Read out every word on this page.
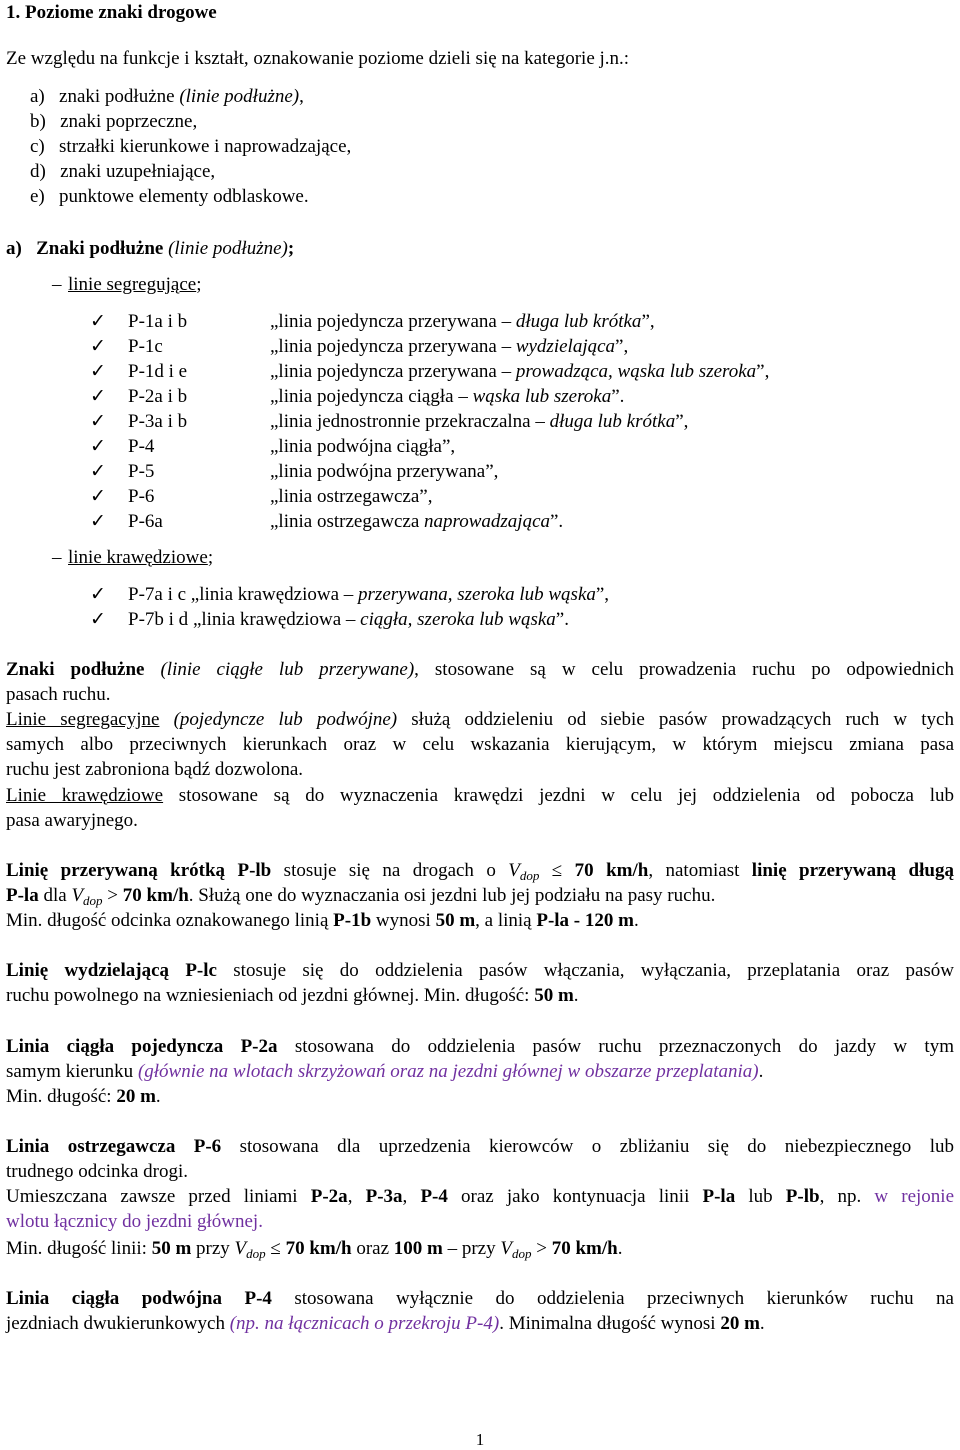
1. Poziome znaki drogowe
Ze względu na funkcje i kształt, oznakowanie poziome dzieli się na kategorie j.n.:
a) znaki podłużne (linie podłużne),
b) znaki poprzeczne,
c) strzałki kierunkowe i naprowadzające,
d) znaki uzupełniające,
e) punktowe elementy odblaskowe.
a) Znaki podłużne (linie podłużne);
– linie segregujące;
✓ P-1a i b	„linia pojedyncza przerywana – długa lub krótka”,
✓ P-1c	„linia pojedyncza przerywana – wydzielająca”,
✓ P-1d i e	„linia pojedyncza przerywana – prowadząca, wąska lub szeroka”,
✓ P-2a i b	„linia pojedyncza ciągła – wąska lub szeroka”.
✓ P-3a i b	„linia jednostronnie przekraczalna – długa lub krótka”,
✓ P-4	„linia podwójna ciągła”,
✓ P-5	„linia podwójna przerywana”,
✓ P-6	„linia ostrzegawcza”,
✓ P-6a	„linia ostrzegawcza naprowadzająca”.
– linie krawędziowe;
✓ P-7a i c „linia krawędziowa – przerywana, szeroka lub wąska”,
✓ P-7b i d „linia krawędziowa – ciągła, szeroka lub wąska”.
Znaki podłużne (linie ciągłe lub przerywane), stosowane są w celu prowadzenia ruchu po odpowiednich
pasach ruchu.
Linie segregacyjne (pojedyncze lub podwójne) służą oddzieleniu od siebie pasów prowadzących ruch w tych
samych albo przeciwnych kierunkach oraz w celu wskazania kierującym, w którym miejscu zmiana pasa
ruchu jest zabroniona bądź dozwolona.
Linie krawędziowe stosowane są do wyznaczenia krawędzi jezdni w celu jej oddzielenia od pobocza lub
pasa awaryjnego.
Linię przerywaną krótką P-lb stosuje się na drogach o $V_{dop} \le 70$ km/h, natomiast linię przerywaną długą
P-la dla $V_{dop} > 70$ km/h. Służą one do wyznaczania osi jezdni lub jej podziału na pasy ruchu.
Min. długość odcinka oznakowanego linią P-1b wynosi 50 m, a linią P-la - 120 m.
Linię wydzielającą P-lc stosuje się do oddzielenia pasów włączania, wyłączania, przeplatania oraz pasów
ruchu powolnego na wzniesieniach od jezdni głównej. Min. długość: 50 m.
Linia ciągła pojedyncza P-2a stosowana do oddzielenia pasów ruchu przeznaczonych do jazdy w tym
samym kierunku (głównie na wlotach skrzyżowań oraz na jezdni głównej w obszarze przeplatania).
Min. długość: 20 m.
Linia ostrzegawcza P-6 stosowana dla uprzedzenia kierowców o zbliżaniu się do niebezpiecznego lub
trudnego odcinka drogi.
Umieszczana zawsze przed liniami P-2a, P-3a, P-4 oraz jako kontynuacja linii P-la lub P-lb, np. w rejonie
wlotu łącznicy do jezdni głównej.
Min. długość linii: 50 m przy $V_{dop} \le 70$ km/h oraz 100 m – przy $V_{dop} > 70$ km/h.
Linia ciągła podwójna P-4 stosowana wyłącznie do oddzielenia przeciwnych kierunków ruchu na
jezdniach dwukierunkowych (np. na łącznicach o przekroju P-4). Minimalna długość wynosi 20 m.
1
